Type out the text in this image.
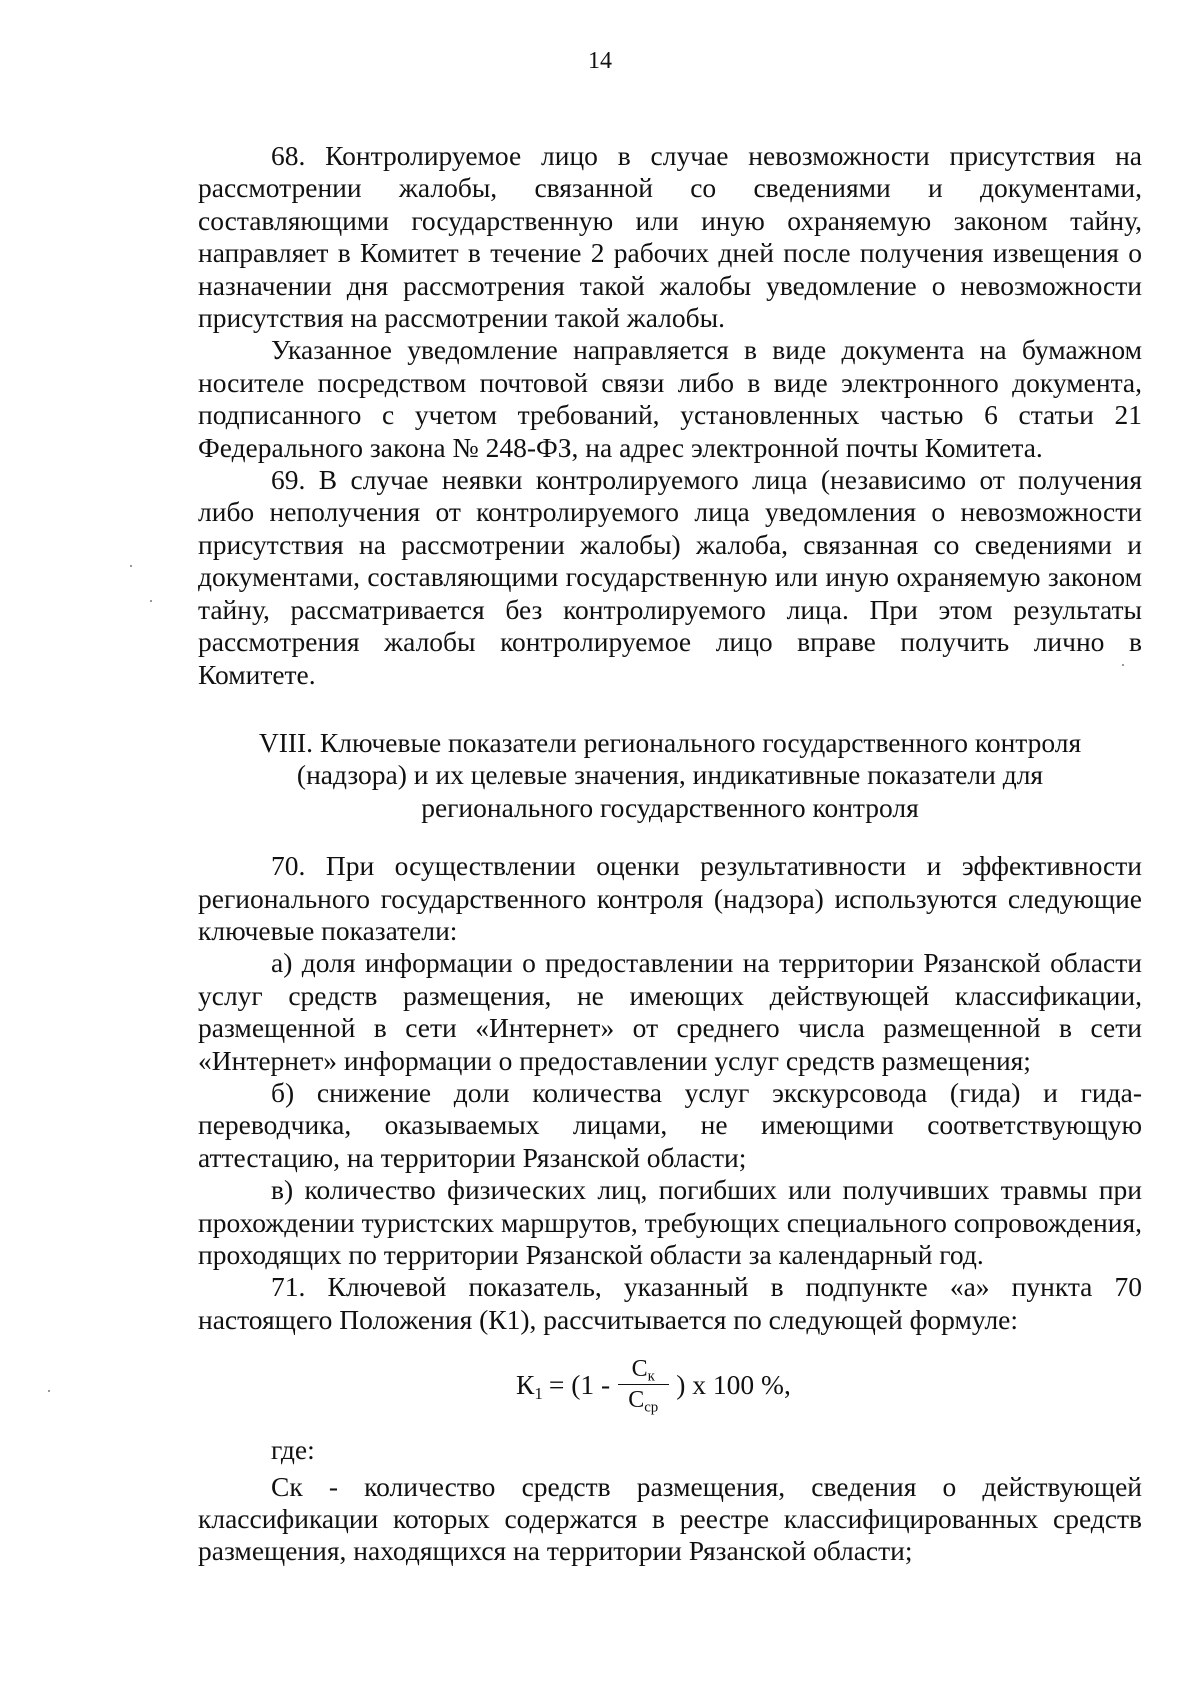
14

68. Контролируемое лицо в случае невозможности присутствия на рассмотрении жалобы, связанной со сведениями и документами, составляющими государственную или иную охраняемую законом тайну, направляет в Комитет в течение 2 рабочих дней после получения извещения о назначении дня рассмотрения такой жалобы уведомление о невозможности присутствия на рассмотрении такой жалобы.

Указанное уведомление направляется в виде документа на бумажном носителе посредством почтовой связи либо в виде электронного документа, подписанного с учетом требований, установленных частью 6 статьи 21 Федерального закона № 248-ФЗ, на адрес электронной почты Комитета.

69. В случае неявки контролируемого лица (независимо от получения либо неполучения от контролируемого лица уведомления о невозможности присутствия на рассмотрении жалобы) жалоба, связанная со сведениями и документами, составляющими государственную или иную охраняемую законом тайну, рассматривается без контролируемого лица. При этом результаты рассмотрения жалобы контролируемое лицо вправе получить лично в Комитете.

VIII. Ключевые показатели регионального государственного контроля
(надзора) и их целевые значения, индикативные показатели для
регионального государственного контроля

70. При осуществлении оценки результативности и эффективности регионального государственного контроля (надзора) используются следующие ключевые показатели:

а) доля информации о предоставлении на территории Рязанской области услуг средств размещения, не имеющих действующей классификации, размещенной в сети «Интернет» от среднего числа размещенной в сети «Интернет» информации о предоставлении услуг средств размещения;

б) снижение доли количества услуг экскурсовода (гида) и гида-переводчика, оказываемых лицами, не имеющими соответствующую аттестацию, на территории Рязанской области;

в) количество физических лиц, погибших или получивших травмы при прохождении туристских маршрутов, требующих специального сопровождения, проходящих по территории Рязанской области за календарный год.

71. Ключевой показатель, указанный в подпункте «а» пункта 70 настоящего Положения (К1), рассчитывается по следующей формуле:

$К_1 = (1 - \frac{С_к}{С_{ср}}$ ) х 100 %,

где:

Ск - количество средств размещения, сведения о действующей классификации которых содержатся в реестре классифицированных средств размещения, находящихся на территории Рязанской области;
